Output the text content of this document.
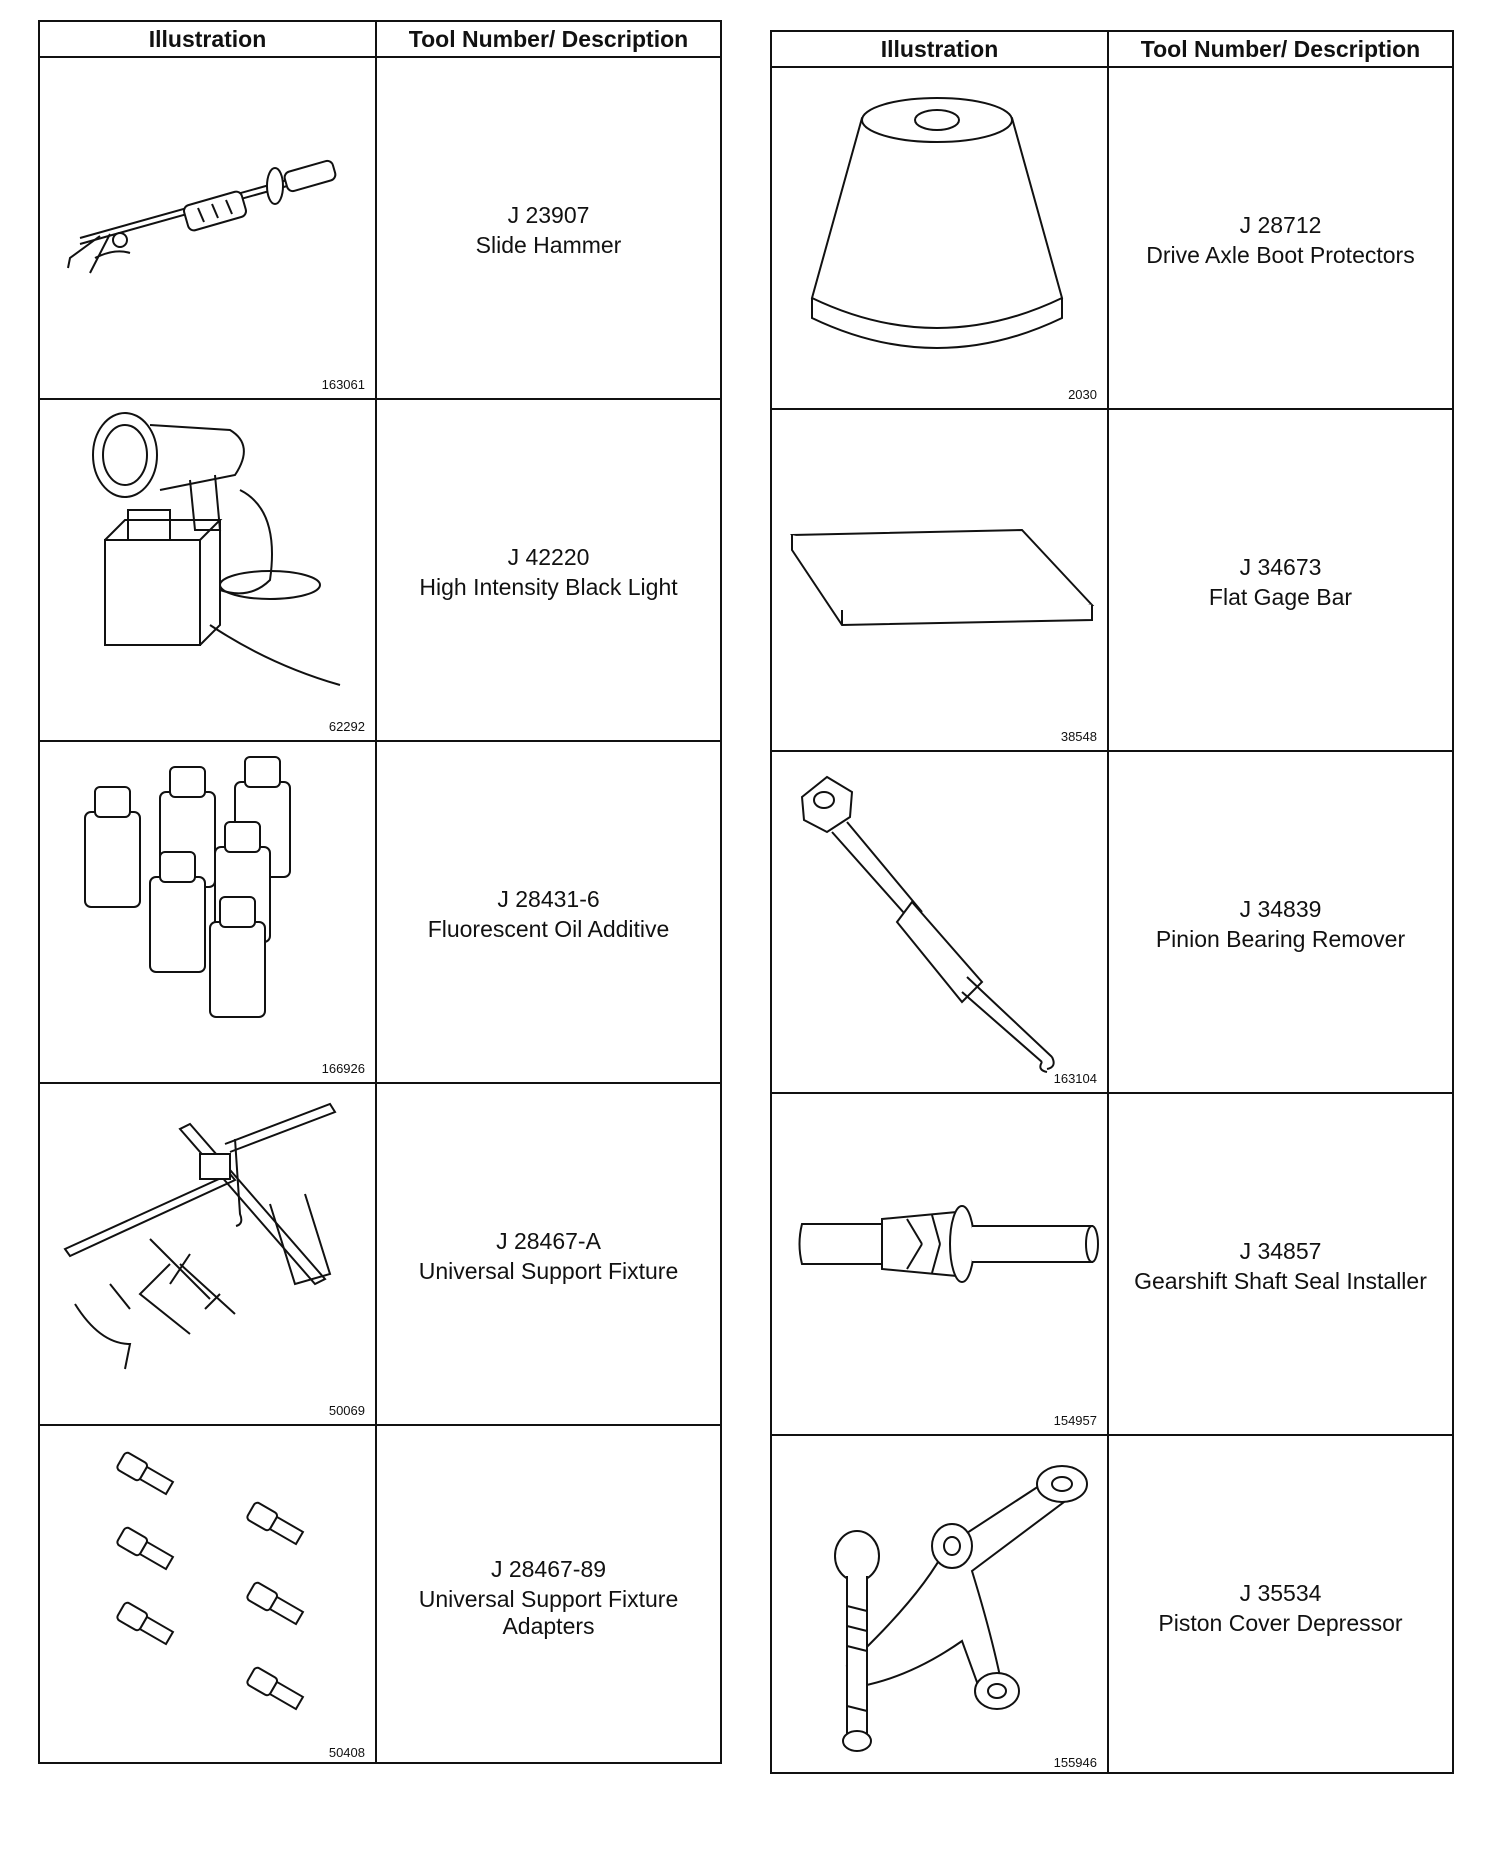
Illustration	Tool Number/ Description
163061
J 23907
Slide Hammer
62292
J 42220
High Intensity Black Light
166926
J 28431-6
Fluorescent Oil Additive
50069
J 28467-A
Universal Support Fixture
50408
J 28467-89
Universal Support Fixture Adapters
Illustration	Tool Number/ Description
2030
J 28712
Drive Axle Boot Protectors
38548
J 34673
Flat Gage Bar
163104
J 34839
Pinion Bearing Remover
154957
J 34857
Gearshift Shaft Seal Installer
155946
J 35534
Piston Cover Depressor
